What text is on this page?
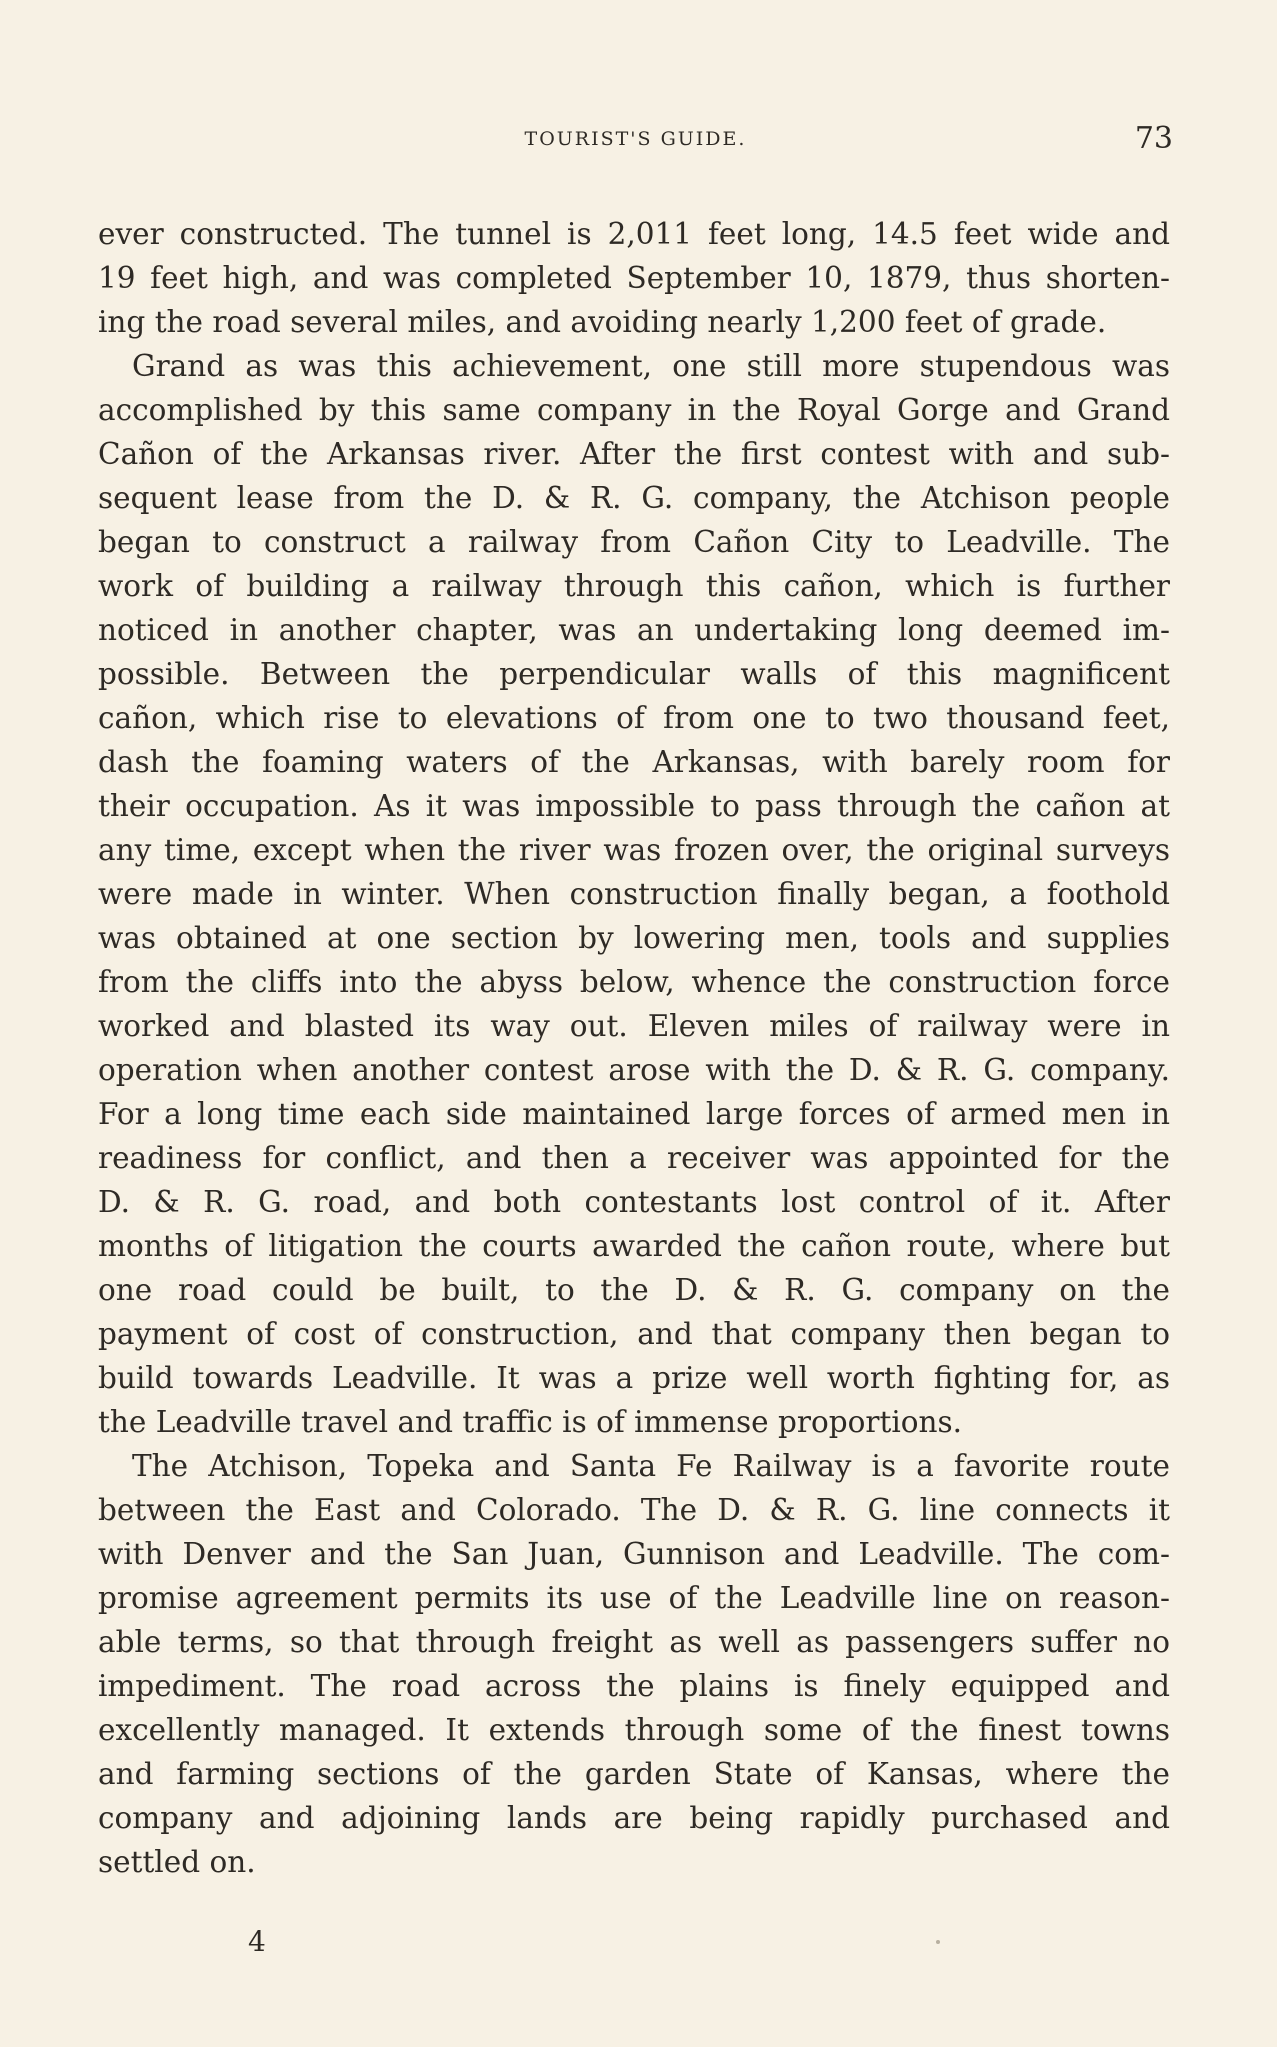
TOURIST'S GUIDE.	73
ever constructed. The tunnel is 2,011 feet long, 14.5 feet wide and
19 feet high, and was completed September 10, 1879, thus shorten-
ing the road several miles, and avoiding nearly 1,200 feet of grade.
Grand as was this achievement, one still more stupendous was
accomplished by this same company in the Royal Gorge and Grand
Cañon of the Arkansas river. After the first contest with and sub-
sequent lease from the D. & R. G. company, the Atchison people
began to construct a railway from Cañon City to Leadville. The
work of building a railway through this cañon, which is further
noticed in another chapter, was an undertaking long deemed im-
possible. Between the perpendicular walls of this magnificent
cañon, which rise to elevations of from one to two thousand feet,
dash the foaming waters of the Arkansas, with barely room for
their occupation. As it was impossible to pass through the cañon at
any time, except when the river was frozen over, the original surveys
were made in winter. When construction finally began, a foothold
was obtained at one section by lowering men, tools and supplies
from the cliffs into the abyss below, whence the construction force
worked and blasted its way out. Eleven miles of railway were in
operation when another contest arose with the D. & R. G. company.
For a long time each side maintained large forces of armed men in
readiness for conflict, and then a receiver was appointed for the
D. & R. G. road, and both contestants lost control of it. After
months of litigation the courts awarded the cañon route, where but
one road could be built, to the D. & R. G. company on the
payment of cost of construction, and that company then began to
build towards Leadville. It was a prize well worth fighting for, as
the Leadville travel and traffic is of immense proportions.
The Atchison, Topeka and Santa Fe Railway is a favorite route
between the East and Colorado. The D. & R. G. line connects it
with Denver and the San Juan, Gunnison and Leadville. The com-
promise agreement permits its use of the Leadville line on reason-
able terms, so that through freight as well as passengers suffer no
impediment. The road across the plains is finely equipped and
excellently managed. It extends through some of the finest towns
and farming sections of the garden State of Kansas, where the
company and adjoining lands are being rapidly purchased and
settled on.
4
